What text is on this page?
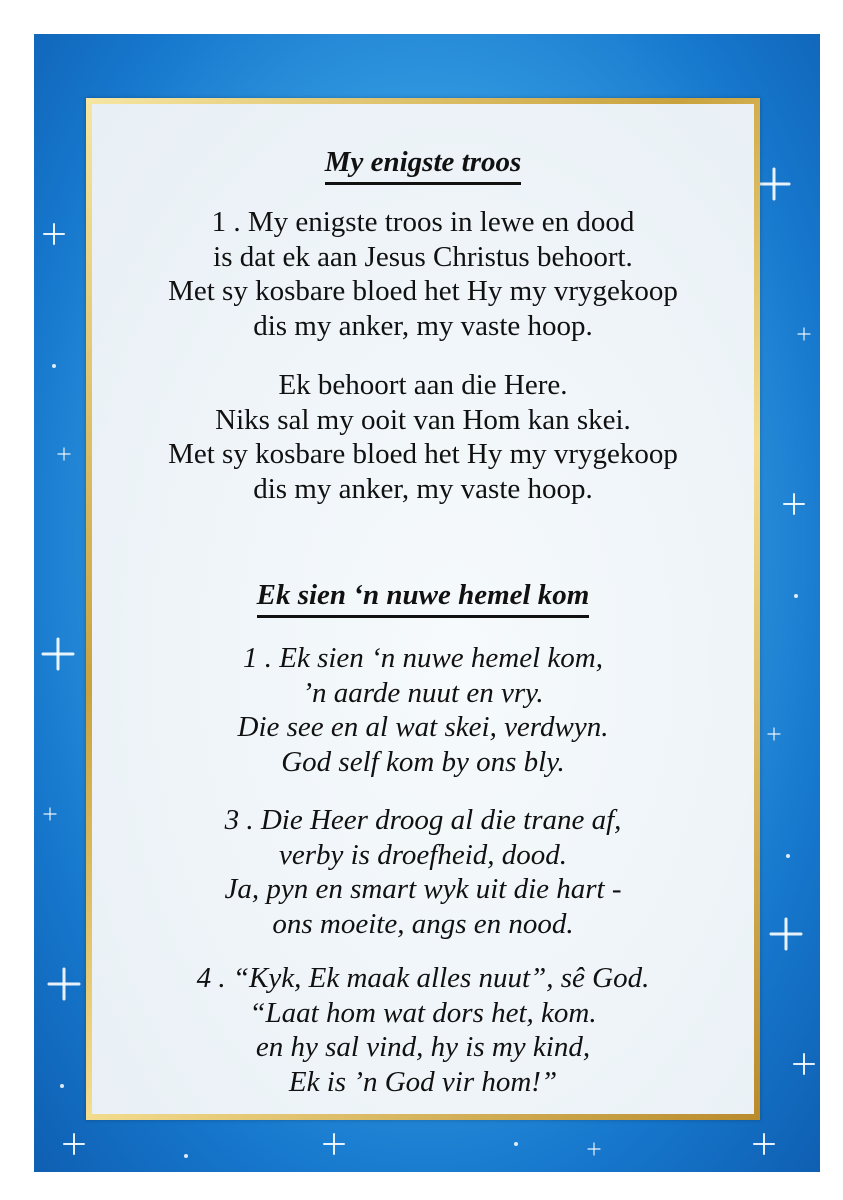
My enigste troos
1 . My enigste troos in lewe en dood
is dat ek aan Jesus Christus behoort.
Met sy kosbare bloed het Hy my vrygekoop
dis my anker, my vaste hoop.
Ek behoort aan die Here.
Niks sal my ooit van Hom kan skei.
Met sy kosbare bloed het Hy my vrygekoop
dis my anker, my vaste hoop.
Ek sien ‘n nuwe hemel kom
1 . Ek sien ‘n nuwe hemel kom,
’n aarde nuut en vry.
Die see en al wat skei, verdwyn.
God self kom by ons bly.
3 . Die Heer droog al die trane af,
verby is droefheid, dood.
Ja, pyn en smart wyk uit die hart -
ons moeite, angs en nood.
4 . “Kyk, Ek maak alles nuut”, sê God.
“Laat hom wat dors het, kom.
en hy sal vind, hy is my kind,
Ek is ’n God vir hom!”
